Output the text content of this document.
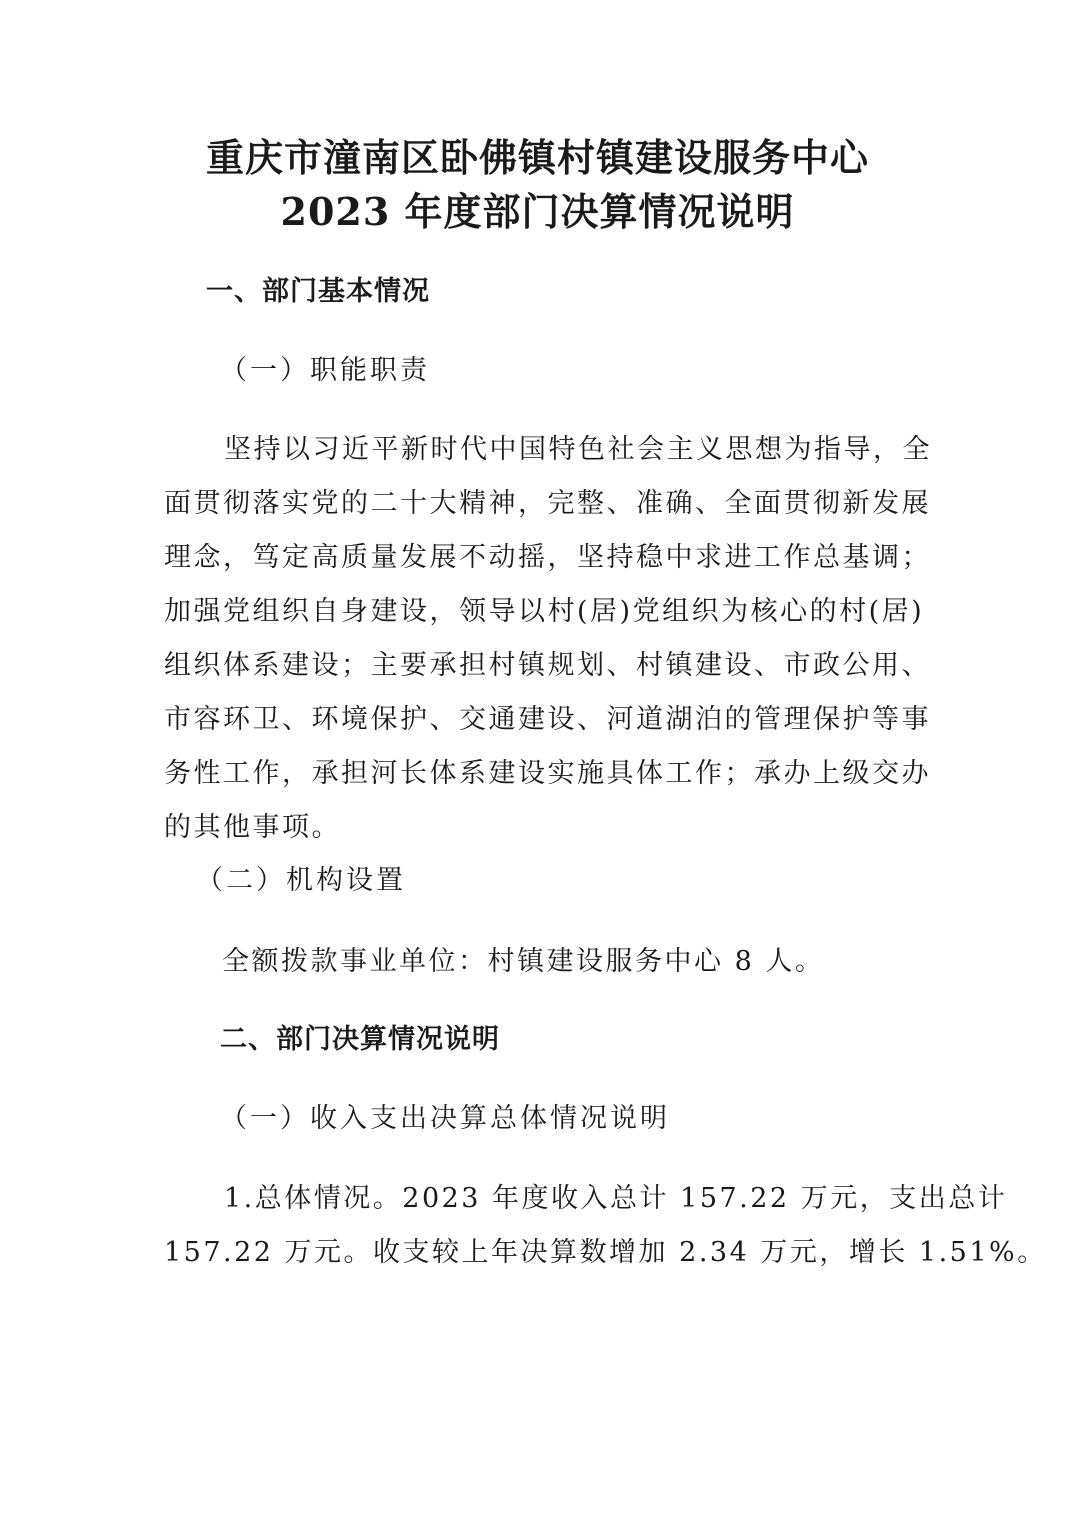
重庆市潼南区卧佛镇村镇建设服务中心
2023 年度部门决算情况说明
一、部门基本情况
（一）职能职责
坚持以习近平新时代中国特色社会主义思想为指导，全
面贯彻落实党的二十大精神，完整、准确、全面贯彻新发展
理念，笃定高质量发展不动摇，坚持稳中求进工作总基调；
加强党组织自身建设，领导以村(居)党组织为核心的村(居)
组织体系建设；主要承担村镇规划、村镇建设、市政公用、
市容环卫、环境保护、交通建设、河道湖泊的管理保护等事
务性工作，承担河长体系建设实施具体工作；承办上级交办
的其他事项。
（二）机构设置
全额拨款事业单位：村镇建设服务中心 8 人。
二、部门决算情况说明
（一）收入支出决算总体情况说明
1.总体情况。2023 年度收入总计 157.22 万元，支出总计
157.22 万元。收支较上年决算数增加 2.34 万元，增长 1.51%。
